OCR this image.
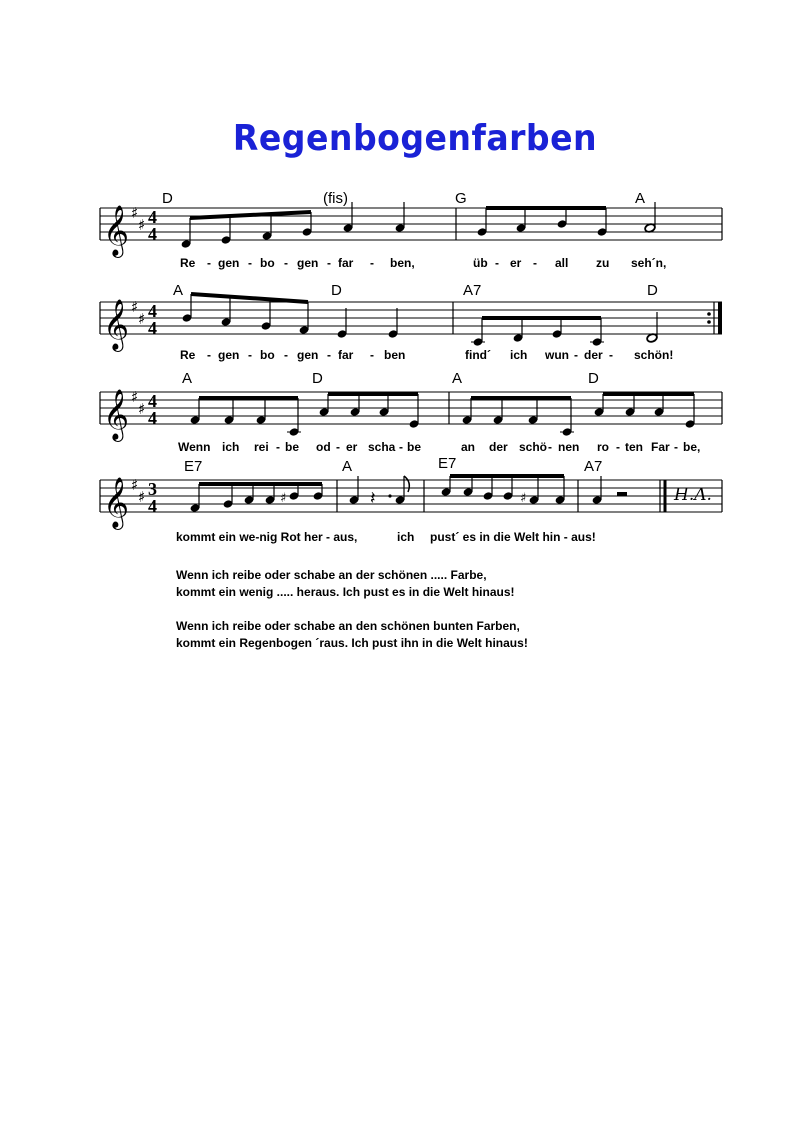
Regenbogenfarben
D	(fis)	G	A
𝄞 ♯
♯ 4
4
Re - gen - bo - gen - far - ben,	üb - er - all zu seh´n,
A	D	A7	D
𝄞 ♯
♯ 4
4
Re - gen - bo - gen - far - ben	find´ ich wun - der - schön!
A	D	A	D
𝄞 ♯
♯ 4
4
Wenn ich rei - be od - er scha - be	an der schö - nen ro - ten Far - be,
E7	A	E7	A7
𝄞 ♯
♯ 3
4	♯	𝄽	♯	H.A.
kommt ein we-nig Rot her - aus,	ich pust´ es in die Welt hin - aus!
Wenn ich reibe oder schabe an der schönen ..... Farbe,
kommt ein wenig ..... heraus. Ich pust es in die Welt hinaus!
Wenn ich reibe oder schabe an den schönen bunten Farben,
kommt ein Regenbogen ´raus. Ich pust ihn in die Welt hinaus!
